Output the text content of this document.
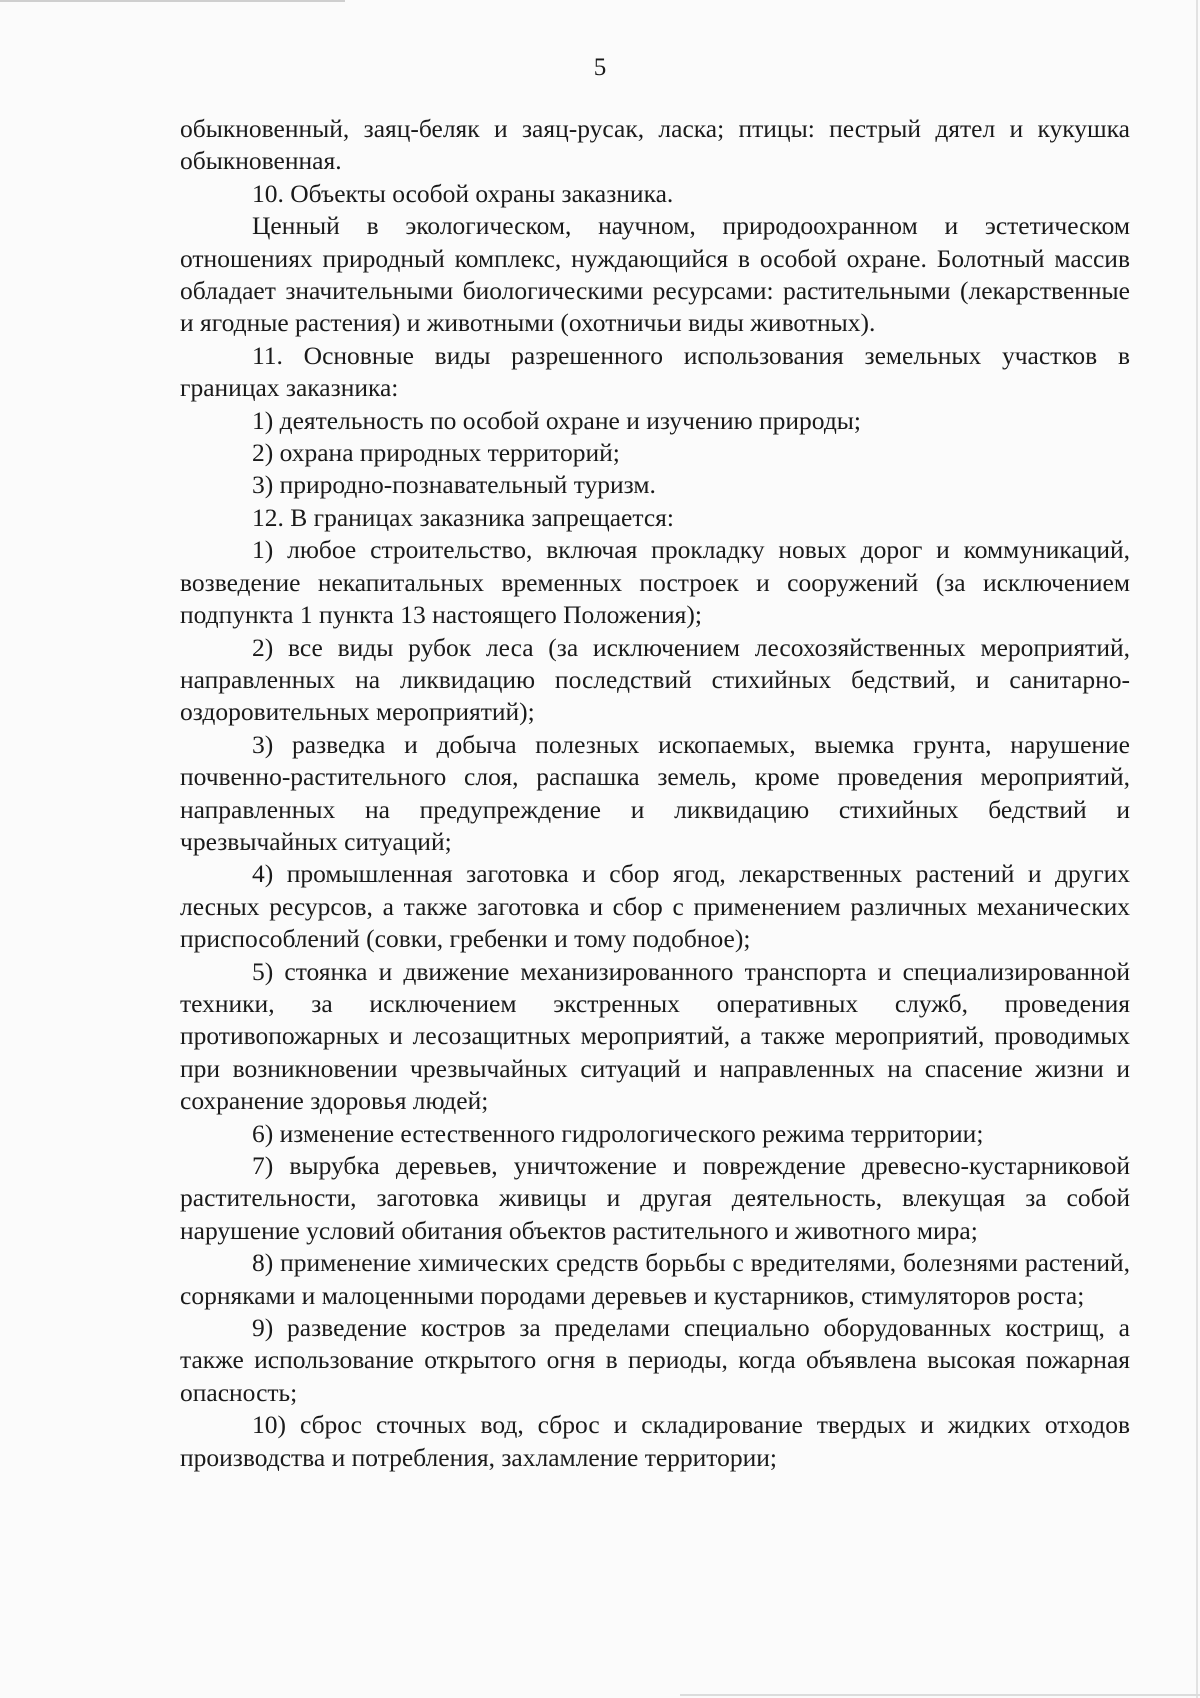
5

обыкновенный, заяц-беляк и заяц-русак, ласка; птицы: пестрый дятел и кукушка обыкновенная.

10. Объекты особой охраны заказника.

Ценный в экологическом, научном, природоохранном и эстетическом отношениях природный комплекс, нуждающийся в особой охране. Болотный массив обладает значительными биологическими ресурсами: растительными (лекарственные и ягодные растения) и животными (охотничьи виды животных).

11. Основные виды разрешенного использования земельных участков в границах заказника:

1) деятельность по особой охране и изучению природы;

2) охрана природных территорий;

3) природно-познавательный туризм.

12. В границах заказника запрещается:

1) любое строительство, включая прокладку новых дорог и коммуникаций, возведение некапитальных временных построек и сооружений (за исключением подпункта 1 пункта 13 настоящего Положения);

2) все виды рубок леса (за исключением лесохозяйственных мероприятий, направленных на ликвидацию последствий стихийных бедствий, и санитарно-оздоровительных мероприятий);

3) разведка и добыча полезных ископаемых, выемка грунта, нарушение почвенно-растительного слоя, распашка земель, кроме проведения мероприятий, направленных на предупреждение и ликвидацию стихийных бедствий и чрезвычайных ситуаций;

4) промышленная заготовка и сбор ягод, лекарственных растений и других лесных ресурсов, а также заготовка и сбор с применением различных механических приспособлений (совки, гребенки и тому подобное);

5) стоянка и движение механизированного транспорта и специализированной техники, за исключением экстренных оперативных служб, проведения противопожарных и лесозащитных мероприятий, а также мероприятий, проводимых при возникновении чрезвычайных ситуаций и направленных на спасение жизни и сохранение здоровья людей;

6) изменение естественного гидрологического режима территории;

7) вырубка деревьев, уничтожение и повреждение древесно-кустарниковой растительности, заготовка живицы и другая деятельность, влекущая за собой нарушение условий обитания объектов растительного и животного мира;

8) применение химических средств борьбы с вредителями, болезнями растений, сорняками и малоценными породами деревьев и кустарников, стимуляторов роста;

9) разведение костров за пределами специально оборудованных кострищ, а также использование открытого огня в периоды, когда объявлена высокая пожарная опасность;

10) сброс сточных вод, сброс и складирование твердых и жидких отходов производства и потребления, захламление территории;
